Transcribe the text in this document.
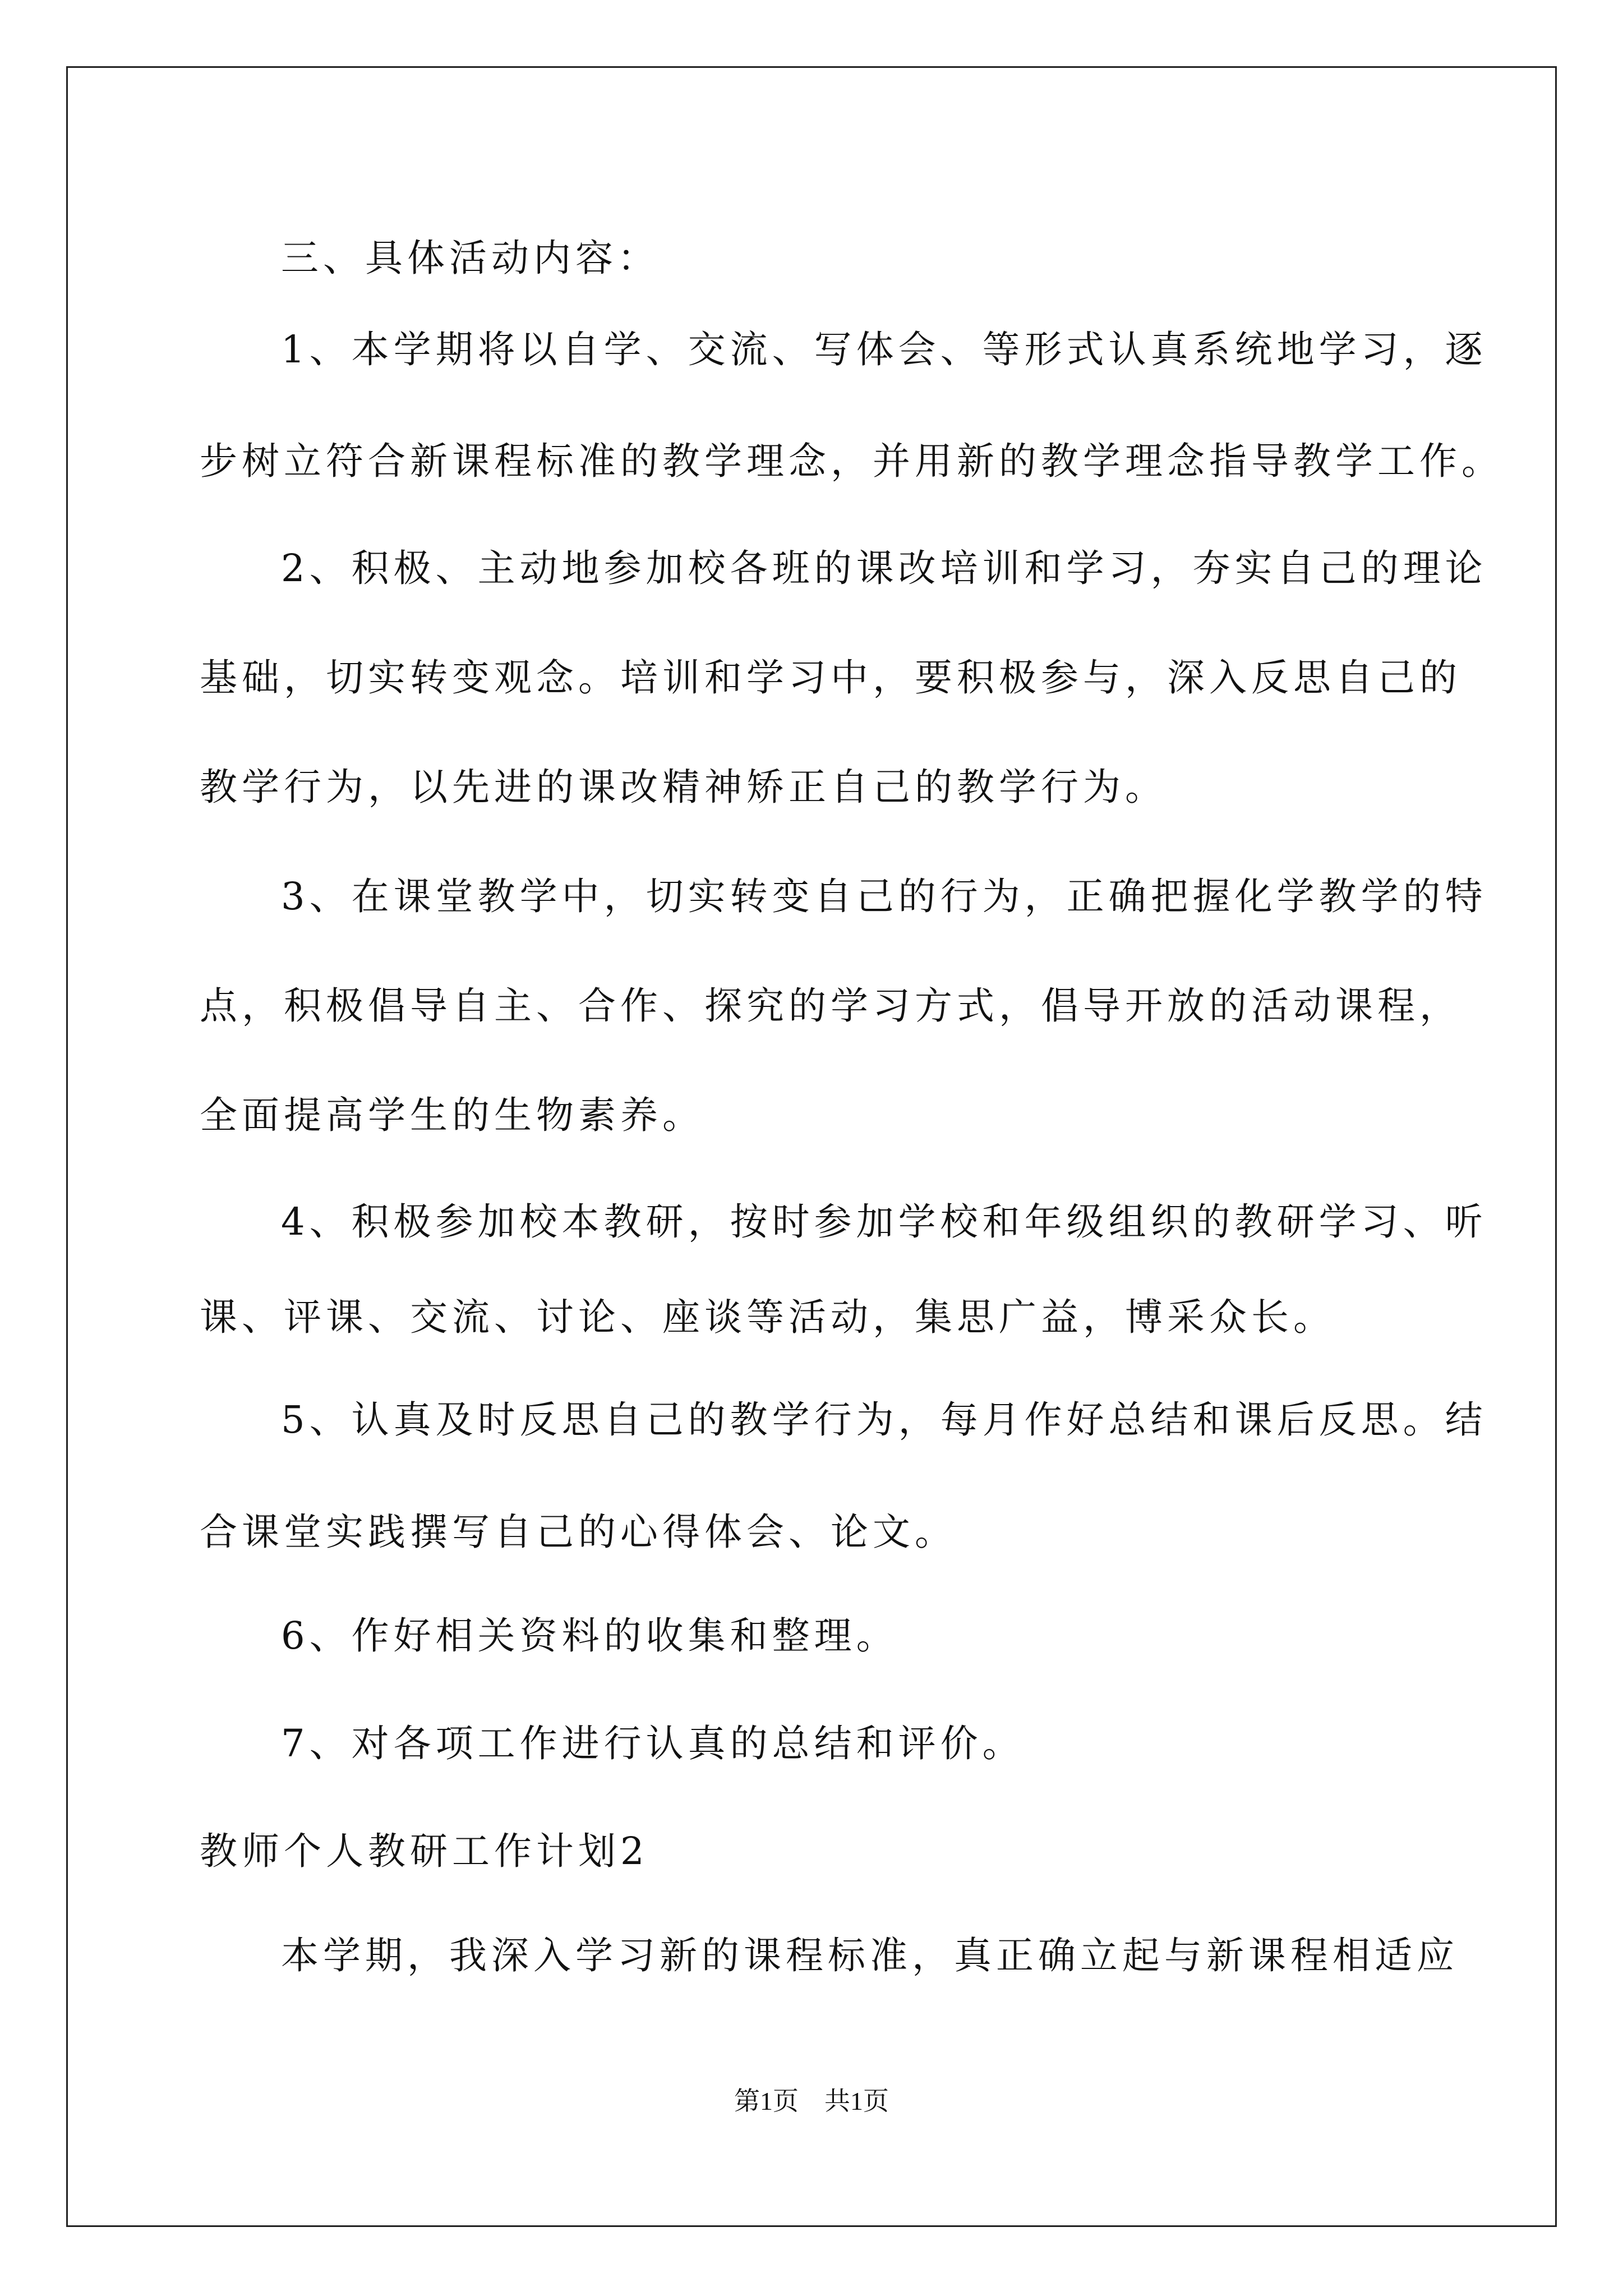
三、具体活动内容：
1、本学期将以自学、交流、写体会、等形式认真系统地学习，逐
步树立符合新课程标准的教学理念，并用新的教学理念指导教学工作。
2、积极、主动地参加校各班的课改培训和学习，夯实自己的理论
基础，切实转变观念。培训和学习中，要积极参与，深入反思自己的
教学行为，以先进的课改精神矫正自己的教学行为。
3、在课堂教学中，切实转变自己的行为，正确把握化学教学的特
点，积极倡导自主、合作、探究的学习方式，倡导开放的活动课程，
全面提高学生的生物素养。
4、积极参加校本教研，按时参加学校和年级组织的教研学习、听
课、评课、交流、讨论、座谈等活动，集思广益，博采众长。
5、认真及时反思自己的教学行为，每月作好总结和课后反思。结
合课堂实践撰写自己的心得体会、论文。
6、作好相关资料的收集和整理。
7、对各项工作进行认真的总结和评价。
教师个人教研工作计划2
本学期，我深入学习新的课程标准，真正确立起与新课程相适应
第1页　共1页
